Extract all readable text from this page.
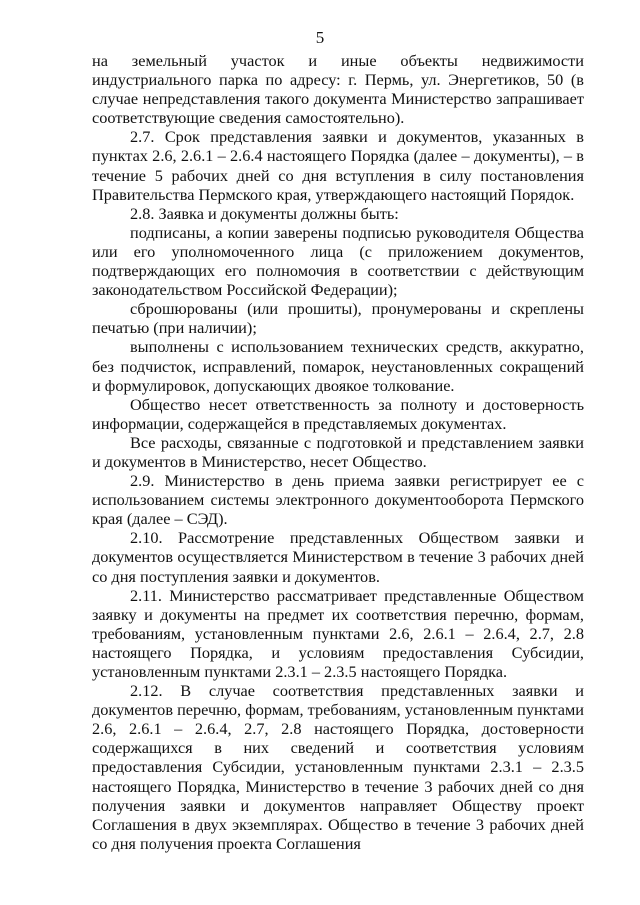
5

на земельный участок и иные объекты недвижимости индустриального парка по адресу: г. Пермь, ул. Энергетиков, 50 (в случае непредставления такого документа Министерство запрашивает соответствующие сведения самостоятельно).

2.7. Срок представления заявки и документов, указанных в пунктах 2.6, 2.6.1 – 2.6.4 настоящего Порядка (далее – документы), – в течение 5 рабочих дней со дня вступления в силу постановления Правительства Пермского края, утверждающего настоящий Порядок.

2.8. Заявка и документы должны быть:

подписаны, а копии заверены подписью руководителя Общества или его уполномоченного лица (с приложением документов, подтверждающих его полномочия в соответствии с действующим законодательством Российской Федерации);

сброшюрованы (или прошиты), пронумерованы и скреплены печатью (при наличии);

выполнены с использованием технических средств, аккуратно, без подчисток, исправлений, помарок, неустановленных сокращений и формулировок, допускающих двоякое толкование.

Общество несет ответственность за полноту и достоверность информации, содержащейся в представляемых документах.

Все расходы, связанные с подготовкой и представлением заявки и документов в Министерство, несет Общество.

2.9. Министерство в день приема заявки регистрирует ее с использованием системы электронного документооборота Пермского края (далее – СЭД).

2.10. Рассмотрение представленных Обществом заявки и документов осуществляется Министерством в течение 3 рабочих дней со дня поступления заявки и документов.

2.11. Министерство рассматривает представленные Обществом заявку и документы на предмет их соответствия перечню, формам, требованиям, установленным пунктами 2.6, 2.6.1 – 2.6.4, 2.7, 2.8 настоящего Порядка, и условиям предоставления Субсидии, установленным пунктами 2.3.1 – 2.3.5 настоящего Порядка.

2.12. В случае соответствия представленных заявки и документов перечню, формам, требованиям, установленным пунктами 2.6, 2.6.1 – 2.6.4, 2.7, 2.8 настоящего Порядка, достоверности содержащихся в них сведений и соответствия условиям предоставления Субсидии, установленным пунктами 2.3.1 – 2.3.5 настоящего Порядка, Министерство в течение 3 рабочих дней со дня получения заявки и документов направляет Обществу проект Соглашения в двух экземплярах. Общество в течение 3 рабочих дней со дня получения проекта Соглашения
